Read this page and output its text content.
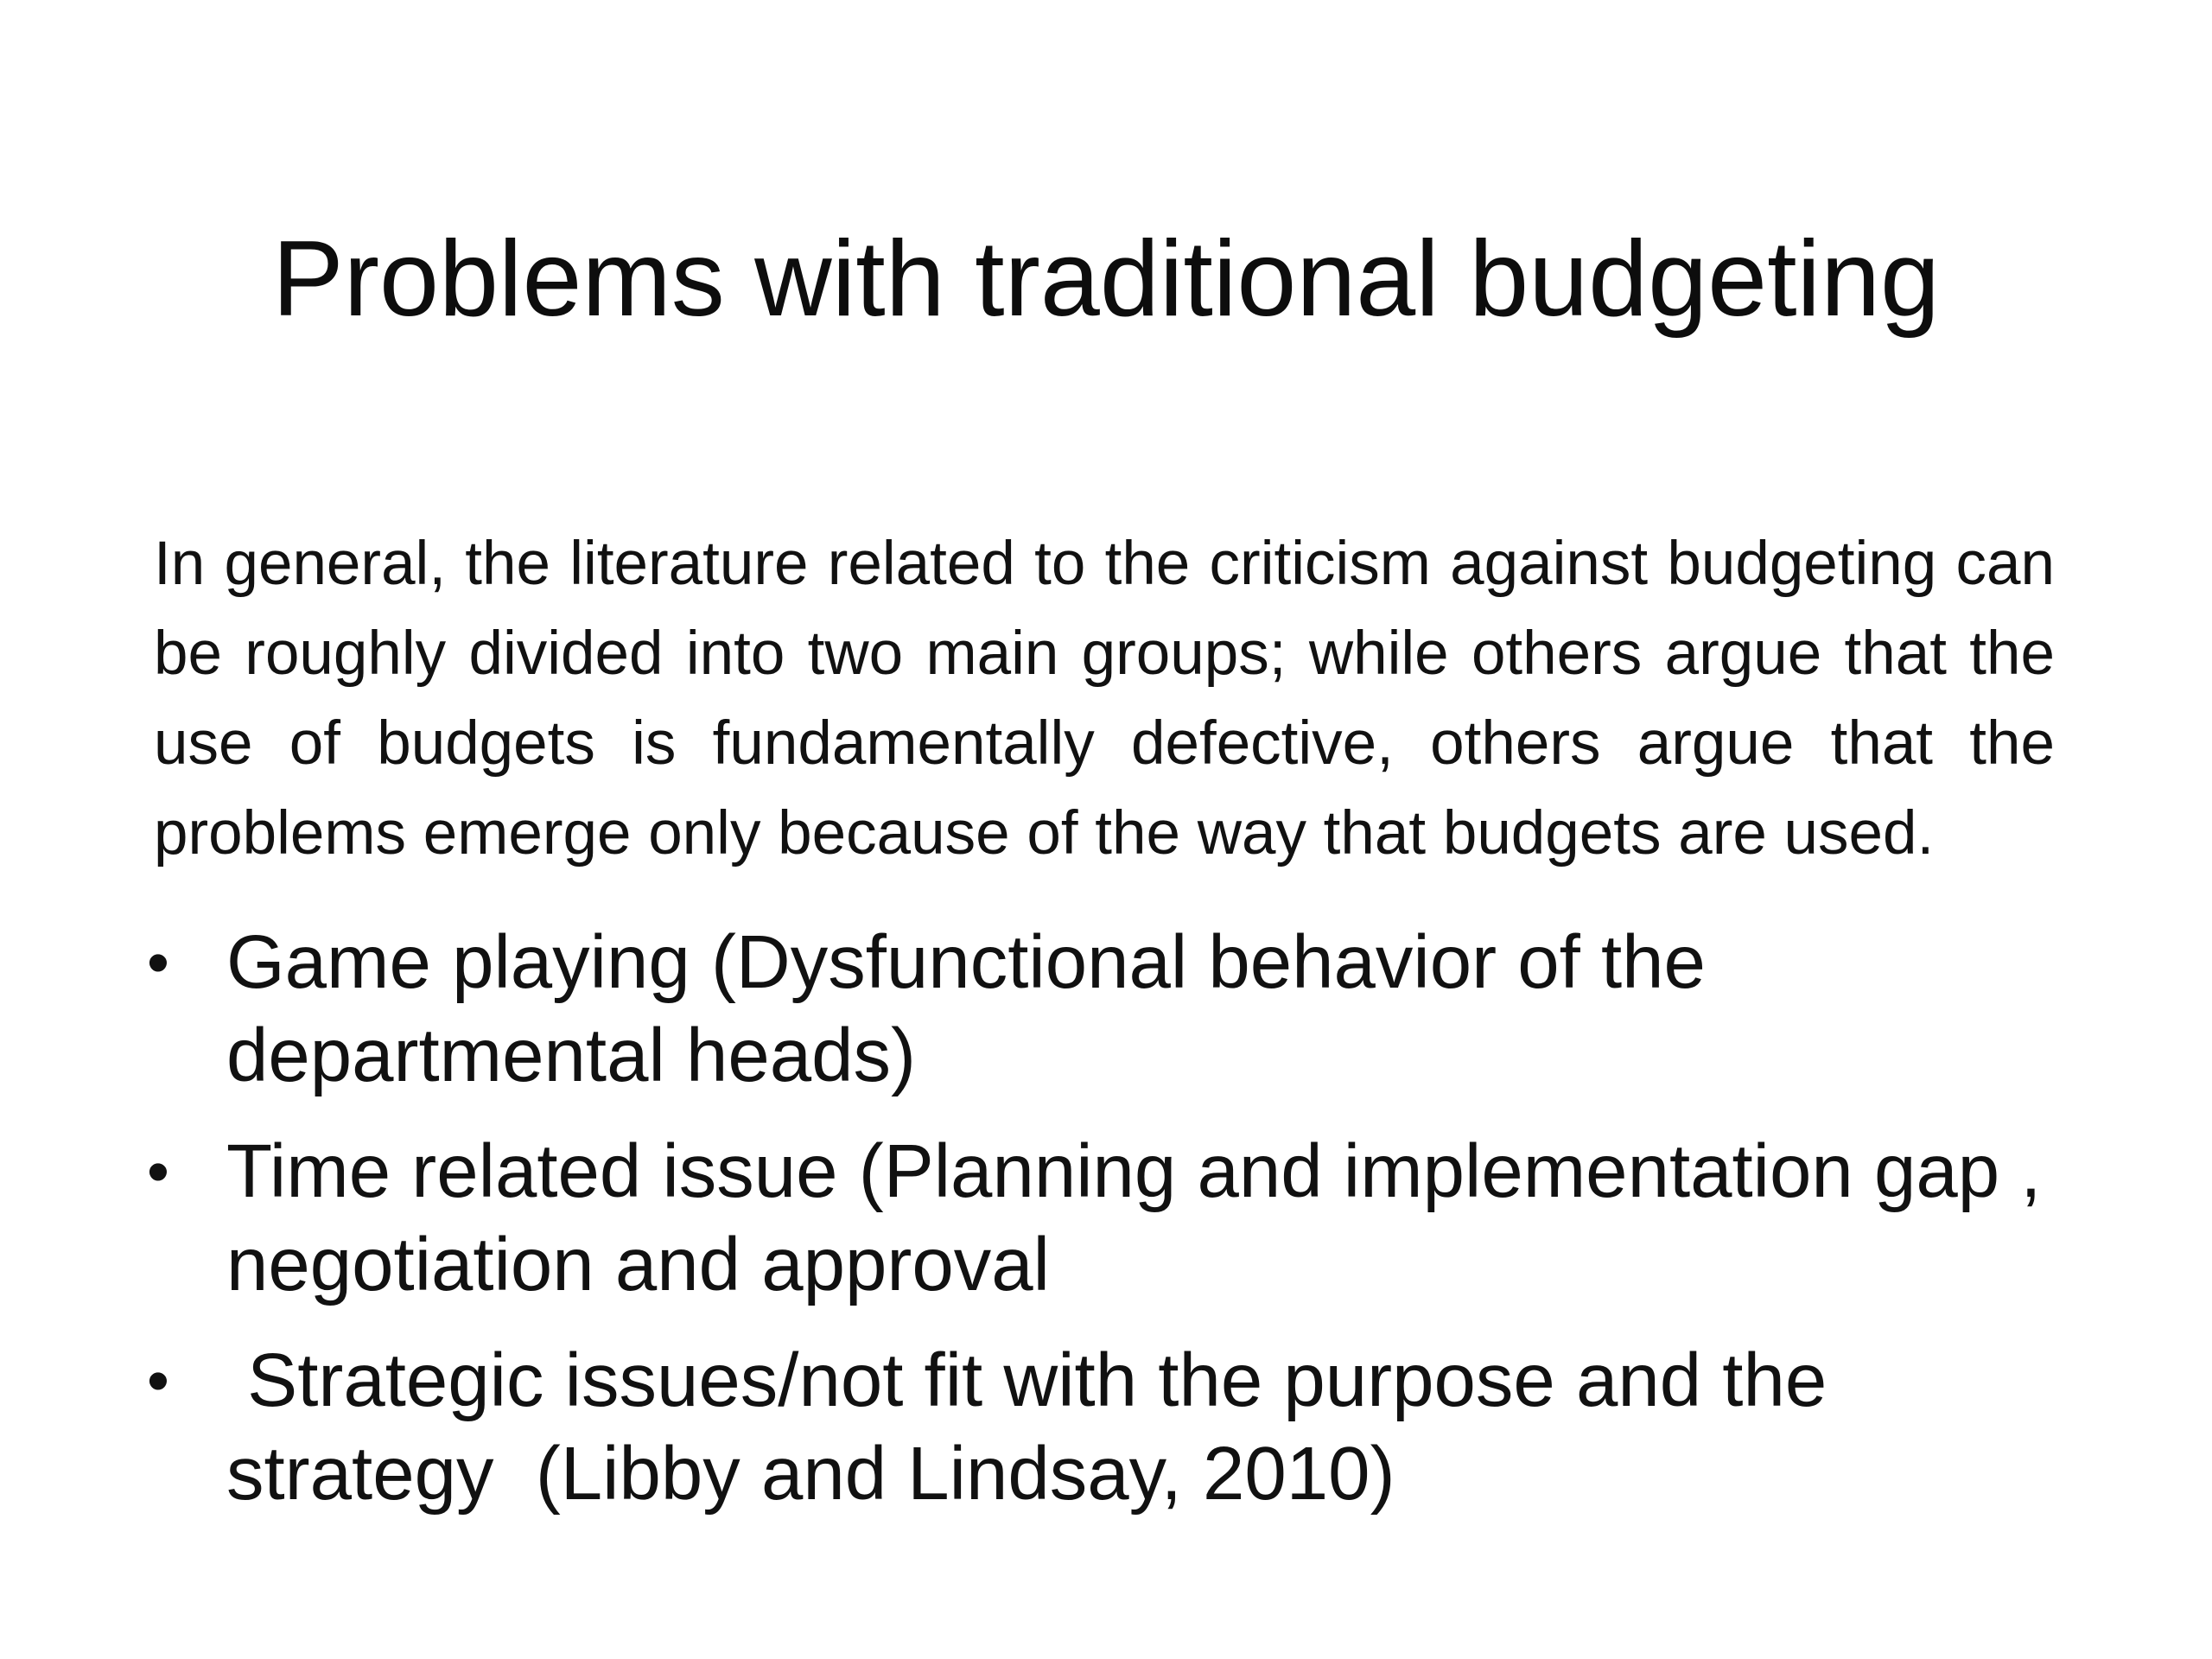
Problems with traditional budgeting

In general, the literature related to the criticism against budgeting can be roughly divided into two main groups; while others argue that the use of budgets is fundamentally defective, others argue that the problems emerge only because of the way that budgets are used.

• Game playing (Dysfunctional behavior of the departmental heads)
• Time related issue (Planning and implementation gap , negotiation and approval
• Strategic issues/not fit with the purpose and the strategy  (Libby and Lindsay, 2010)
